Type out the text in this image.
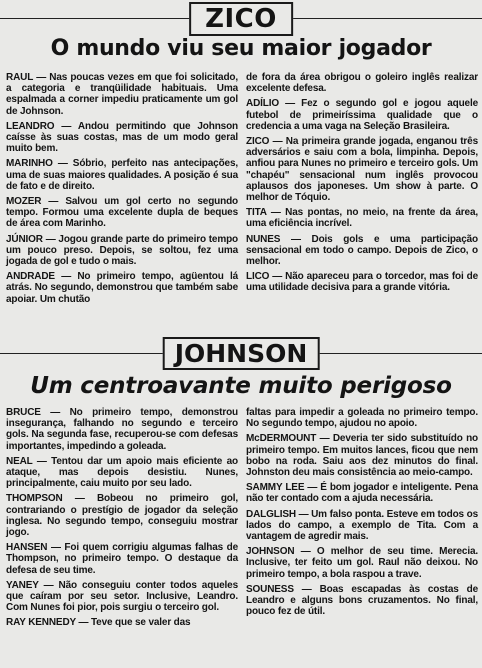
ZICO
O mundo viu seu maior jogador

RAUL — Nas poucas vezes em que foi solicitado, a categoria e tranqüilidade habituais. Uma espalmada a corner impediu praticamente um gol de Johnson.

LEANDRO — Andou permitindo que Johnson caísse às suas costas, mas de um modo geral muito bem.

MARINHO — Sóbrio, perfeito nas antecipações, uma de suas maiores qualidades. A posição é sua de fato e de direito.

MOZER — Salvou um gol certo no segundo tempo. Formou uma excelente dupla de beques de área com Marinho.

JÚNIOR — Jogou grande parte do primeiro tempo um pouco preso. Depois, se soltou, fez uma jogada de gol e tudo o mais.

ANDRADE — No primeiro tempo, agüentou lá atrás. No segundo, demonstrou que também sabe apoiar. Um chutão

de fora da área obrigou o goleiro inglês realizar excelente defesa.

ADÍLIO — Fez o segundo gol e jogou aquele futebol de primeiríssima qualidade que o credencia a uma vaga na Seleção Brasileira.

ZICO — Na primeira grande jogada, enganou três adversários e saiu com a bola, limpinha. Depois, anfiou para Nunes no primeiro e terceiro gols. Um "chapéu" sensacional num inglês provocou aplausos dos japoneses. Um show à parte. O melhor de Tóquio.

TITA — Nas pontas, no meio, na frente da área, uma eficiência incrível.

NUNES — Dois gols e uma participação sensacional em todo o campo. Depois de Zico, o melhor.

LICO — Não apareceu para o torcedor, mas foi de uma utilidade decisiva para a grande vitória.

JOHNSON
Um centroavante muito perigoso

BRUCE — No primeiro tempo, demonstrou insegurança, falhando no segundo e terceiro gols. Na segunda fase, recuperou-se com defesas importantes, impedindo a goleada.

NEAL — Tentou dar um apoio mais eficiente ao ataque, mas depois desistiu. Nunes, principalmente, caiu muito por seu lado.

THOMPSON — Bobeou no primeiro gol, contrariando o prestígio de jogador da seleção inglesa. No segundo tempo, conseguiu mostrar jogo.

HANSEN — Foi quem corrigiu algumas falhas de Thompson, no primeiro tempo. O destaque da defesa de seu time.

YANEY — Não conseguiu conter todos aqueles que caíram por seu setor. Inclusive, Leandro. Com Nunes foi pior, pois surgiu o terceiro gol.

RAY KENNEDY — Teve que se valer das

faltas para impedir a goleada no primeiro tempo. No segundo tempo, ajudou no apoio.

McDERMOUNT — Deveria ter sido substituído no primeiro tempo. Em muitos lances, ficou que nem bobo na roda. Saiu aos dez minutos do final. Johnston deu mais consistência ao meio-campo.

SAMMY LEE — É bom jogador e inteligente. Pena não ter contado com a ajuda necessária.

DALGLISH — Um falso ponta. Esteve em todos os lados do campo, a exemplo de Tita. Com a vantagem de agredir mais.

JOHNSON — O melhor de seu time. Merecia. Inclusive, ter feito um gol. Raul não deixou. No primeiro tempo, a bola raspou a trave.

SOUNESS — Boas escapadas às costas de Leandro e alguns bons cruzamentos. No final, pouco fez de útil.
